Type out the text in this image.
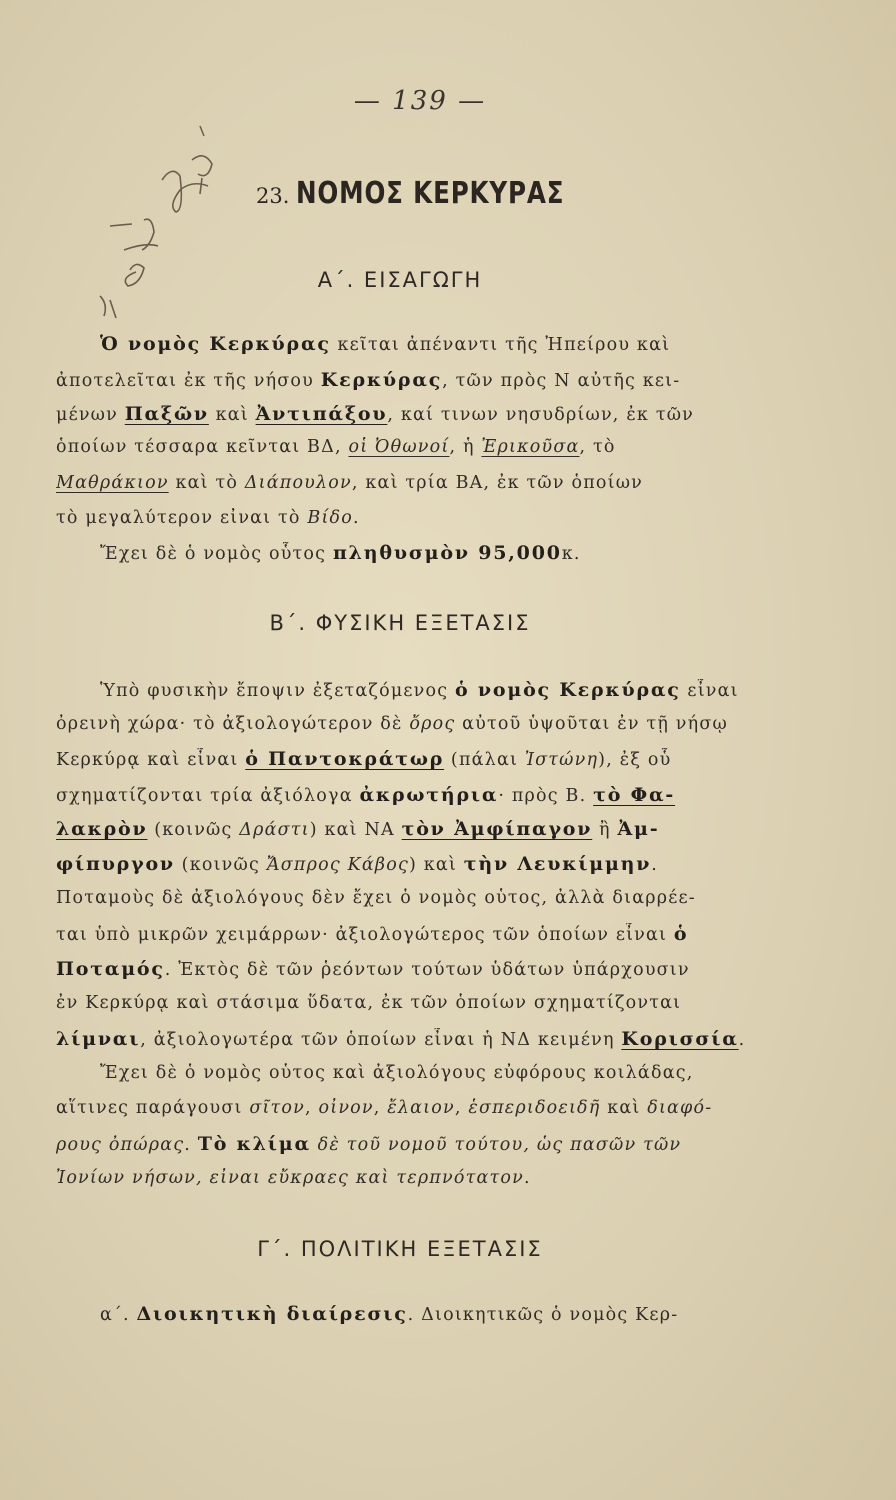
— 139 —
23. ΝΟΜΟΣ ΚΕΡΚΥΡΑΣ
Α΄. ΕΙΣΑΓΩΓΗ
Ὁ νομὸς Κερκύρας κεῖται ἀπέναντι τῆς Ἠπείρου καὶ
ἀποτελεῖται ἐκ τῆς νήσου Κερκύρας, τῶν πρὸς Ν αὐτῆς κει-
μένων Παξῶν καὶ Ἀντιπάξου, καί τινων νησυδρίων, ἐκ τῶν
ὁποίων τέσσαρα κεῖνται ΒΔ, οἱ Ὀθωνοί, ἡ Ἐρικοῦσα, τὸ
Μαθράκιον καὶ τὸ Διάπουλον, καὶ τρία ΒΑ, ἐκ τῶν ὁποίων
τὸ μεγαλύτερον εἶναι τὸ Βίδο.
Ἔχει δὲ ὁ νομὸς οὗτος πληθυσμὸν 95,000κ.
Β΄. ΦΥΣΙΚΗ ΕΞΕΤΑΣΙΣ
Ὑπὸ φυσικὴν ἔποψιν ἐξεταζόμενος ὁ νομὸς Κερκύρας εἶναι
ὀρεινὴ χώρα· τὸ ἀξιολογώτερον δὲ ὄρος αὐτοῦ ὑψοῦται ἐν τῇ νήσῳ
Κερκύρᾳ καὶ εἶναι ὁ Παντοκράτωρ (πάλαι Ἰστώνη), ἐξ οὗ
σχηματίζονται τρία ἀξιόλογα ἀκρωτήρια· πρὸς Β. τὸ Φα-
λακρὸν (κοινῶς Δράστι) καὶ ΝΑ τὸν Ἀμφίπαγον ἢ Ἀμ-
φίπυργον (κοινῶς Ἄσπρος Κάβος) καὶ τὴν Λευκίμμην.
Ποταμοὺς δὲ ἀξιολόγους δὲν ἔχει ὁ νομὸς οὗτος, ἀλλὰ διαρρέε-
ται ὑπὸ μικρῶν χειμάρρων· ἀξιολογώτερος τῶν ὁποίων εἶναι ὁ
Ποταμός. Ἐκτὸς δὲ τῶν ῥεόντων τούτων ὑδάτων ὑπάρχουσιν
ἐν Κερκύρᾳ καὶ στάσιμα ὕδατα, ἐκ τῶν ὁποίων σχηματίζονται
λίμναι, ἀξιολογωτέρα τῶν ὁποίων εἶναι ἡ ΝΔ κειμένη Κορισσία.
Ἔχει δὲ ὁ νομὸς οὗτος καὶ ἀξιολόγους εὐφόρους κοιλάδας,
αἵτινες παράγουσι σῖτον, οἶνον, ἔλαιον, ἑσπεριδοειδῆ καὶ διαφό-
ρους ὀπώρας. Τὸ κλίμα δὲ τοῦ νομοῦ τούτου, ὡς πασῶν τῶν
Ἰονίων νήσων, εἶναι εὔκραες καὶ τερπνότατον.
Γ΄. ΠΟΛΙΤΙΚΗ ΕΞΕΤΑΣΙΣ
α΄. Διοικητικὴ διαίρεσις. Διοικητικῶς ὁ νομὸς Κερ-
